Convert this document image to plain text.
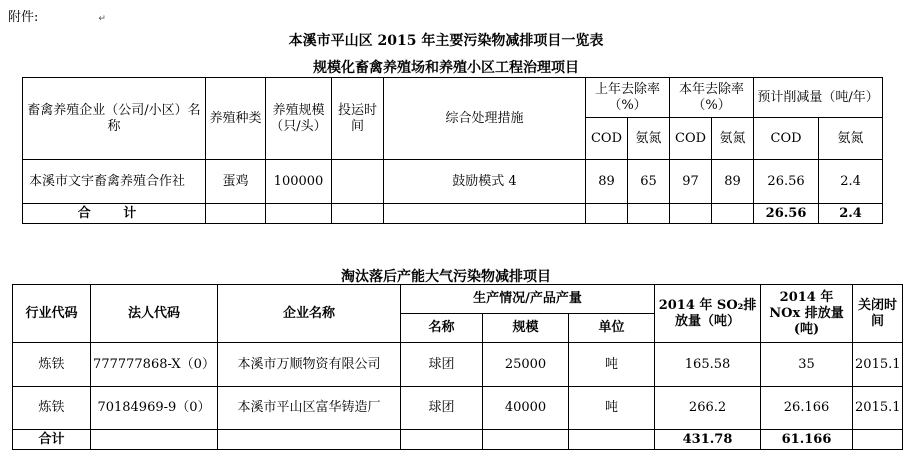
附件:	↵
本溪市平山区 2015 年主要污染物减排项目一览表
规模化畜禽养殖场和养殖小区工程治理项目
畜禽养殖企业（公司/小区）名称	养殖种类	养殖规模（只/头）	投运时间	综合处理措施	上年去除率（%）		本年去除率（%）		预计削减量（吨/年）	
					COD	氨氮	COD	氨氮	COD	氨氮
本溪市文宇畜禽养殖合作社	蛋鸡	100000		鼓励模式 4	89	65	97	89	26.56	2.4
合 计									26.56	2.4
淘汰落后产能大气污染物减排项目
行业代码	法人代码	企业名称	生产情况/产品产量			2014 年 SO₂排放量（吨）	2014 年 NOx 排放量(吨)	关闭时间
			名称	规模	单位			
炼铁	777777868-X（0）	本溪市万顺物资有限公司	球团	25000	吨	165.58	35	2015.1
炼铁	70184969-9（0）	本溪市平山区富华铸造厂	球团	40000	吨	266.2	26.166	2015.1
合计						431.78	61.166	
